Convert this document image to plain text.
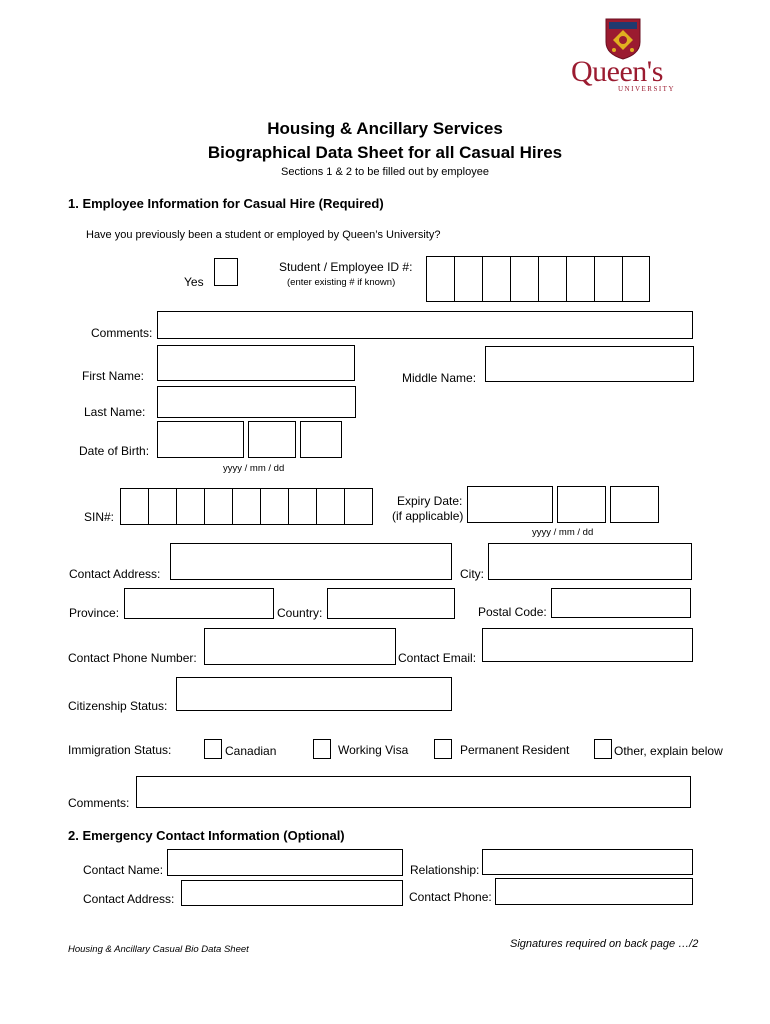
Queen's
UNIVERSITY
Housing & Ancillary Services
Biographical Data Sheet for all Casual Hires
Sections 1 & 2 to be filled out by employee
1. Employee Information for Casual Hire (Required)
Have you previously been a student or employed by Queen’s University?
Yes
Student / Employee ID #:
(enter existing # if known)
Comments:
First Name:	Middle Name:
Last Name:
Date of Birth:
yyyy / mm / dd
SIN#:
Expiry Date:
(if applicable)
yyyy / mm / dd
Contact Address:	City:
Province:	Country:	Postal Code:
Contact Phone Number:	Contact Email:
Citizenship Status:
Immigration Status:	Canadian	Working Visa	Permanent Resident	Other, explain below
Comments:
2. Emergency Contact Information (Optional)
Contact Name:	Relationship:
Contact Address:	Contact Phone:
Housing & Ancillary Casual Bio Data Sheet	Signatures required on back page …/2
